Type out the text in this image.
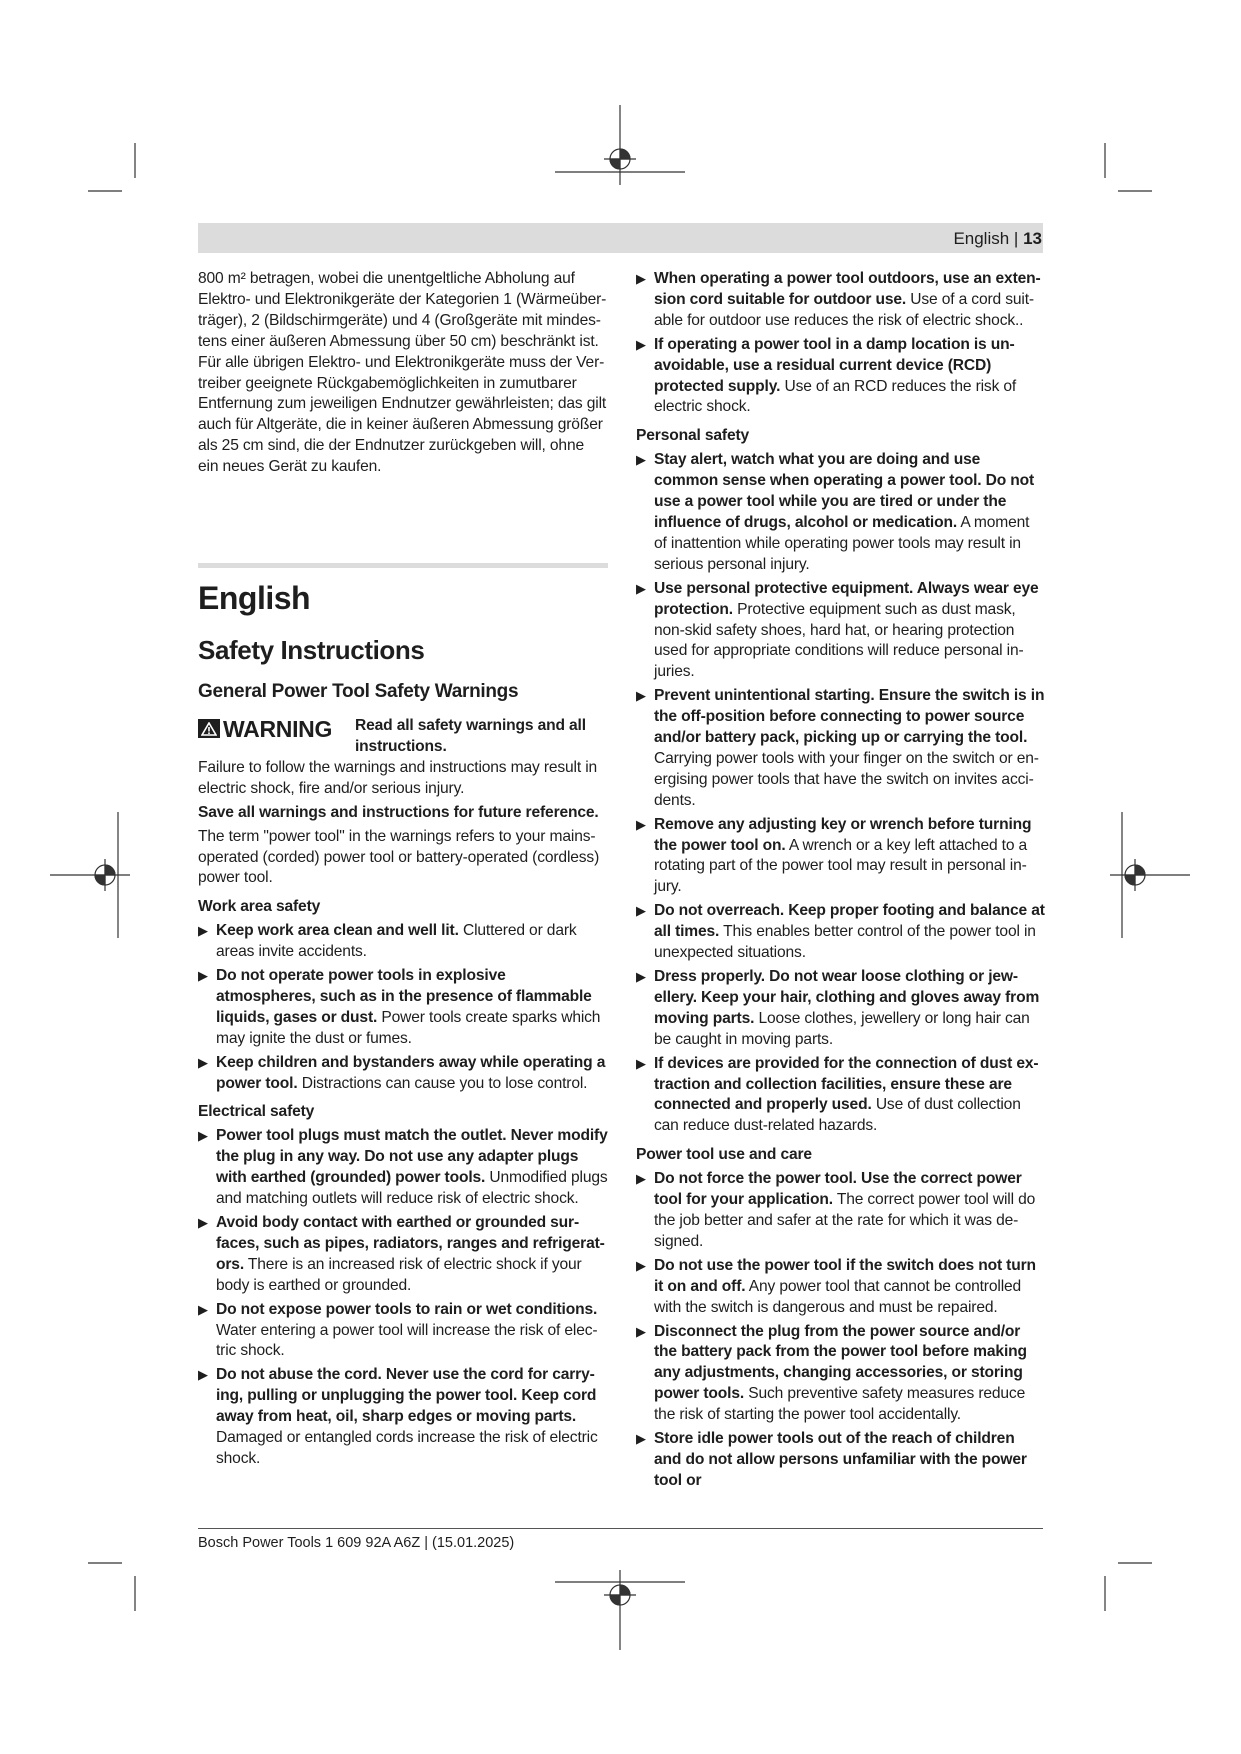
English | 13

800 m² betragen, wobei die unentgeltliche Abholung auf Elektro- und Elektronikgeräte der Kategorien 1 (Wärmeüberträger), 2 (Bildschirmgeräte) und 4 (Großgeräte mit mindestens einer äußeren Abmessung über 50 cm) beschränkt ist. Für alle übrigen Elektro- und Elektronikgeräte muss der Vertreiber geeignete Rückgabemöglichkeiten in zumutbarer Entfernung zum jeweiligen Endnutzer gewährleisten; das gilt auch für Altgeräte, die in keiner äußeren Abmessung größer als 25 cm sind, die der Endnutzer zurückgeben will, ohne ein neues Gerät zu kaufen.

English
Safety Instructions
General Power Tool Safety Warnings
WARNING Read all safety warnings and all instructions.

Failure to follow the warnings and instructions may result in electric shock, fire and/or serious injury.

Save all warnings and instructions for future reference.

The term "power tool" in the warnings refers to your mains-operated (corded) power tool or battery-operated (cordless) power tool.

Work area safety

▶ Keep work area clean and well lit. Cluttered or dark areas invite accidents.
▶ Do not operate power tools in explosive atmospheres, such as in the presence of flammable liquids, gases or dust. Power tools create sparks which may ignite the dust or fumes.
▶ Keep children and bystanders away while operating a power tool. Distractions can cause you to lose control.

Electrical safety

▶ Power tool plugs must match the outlet. Never modify the plug in any way. Do not use any adapter plugs with earthed (grounded) power tools. Unmodified plugs and matching outlets will reduce risk of electric shock.
▶ Avoid body contact with earthed or grounded surfaces, such as pipes, radiators, ranges and refrigerators. There is an increased risk of electric shock if your body is earthed or grounded.
▶ Do not expose power tools to rain or wet conditions. Water entering a power tool will increase the risk of electric shock.
▶ Do not abuse the cord. Never use the cord for carrying, pulling or unplugging the power tool. Keep cord away from heat, oil, sharp edges or moving parts. Damaged or entangled cords increase the risk of electric shock.
▶ When operating a power tool outdoors, use an extension cord suitable for outdoor use. Use of a cord suitable for outdoor use reduces the risk of electric shock..
▶ If operating a power tool in a damp location is unavoidable, use a residual current device (RCD) protected supply. Use of an RCD reduces the risk of electric shock.

Personal safety

▶ Stay alert, watch what you are doing and use common sense when operating a power tool. Do not use a power tool while you are tired or under the influence of drugs, alcohol or medication. A moment of inattention while operating power tools may result in serious personal injury.
▶ Use personal protective equipment. Always wear eye protection. Protective equipment such as dust mask, non-skid safety shoes, hard hat, or hearing protection used for appropriate conditions will reduce personal injuries.
▶ Prevent unintentional starting. Ensure the switch is in the off-position before connecting to power source and/or battery pack, picking up or carrying the tool. Carrying power tools with your finger on the switch or energising power tools that have the switch on invites accidents.
▶ Remove any adjusting key or wrench before turning the power tool on. A wrench or a key left attached to a rotating part of the power tool may result in personal injury.
▶ Do not overreach. Keep proper footing and balance at all times. This enables better control of the power tool in unexpected situations.
▶ Dress properly. Do not wear loose clothing or jewellery. Keep your hair, clothing and gloves away from moving parts. Loose clothes, jewellery or long hair can be caught in moving parts.
▶ If devices are provided for the connection of dust extraction and collection facilities, ensure these are connected and properly used. Use of dust collection can reduce dust-related hazards.

Power tool use and care

▶ Do not force the power tool. Use the correct power tool for your application. The correct power tool will do the job better and safer at the rate for which it was designed.
▶ Do not use the power tool if the switch does not turn it on and off. Any power tool that cannot be controlled with the switch is dangerous and must be repaired.
▶ Disconnect the plug from the power source and/or the battery pack from the power tool before making any adjustments, changing accessories, or storing power tools. Such preventive safety measures reduce the risk of starting the power tool accidentally.
▶ Store idle power tools out of the reach of children and do not allow persons unfamiliar with the power tool or
Bosch Power Tools 1 609 92A A6Z | (15.01.2025)
